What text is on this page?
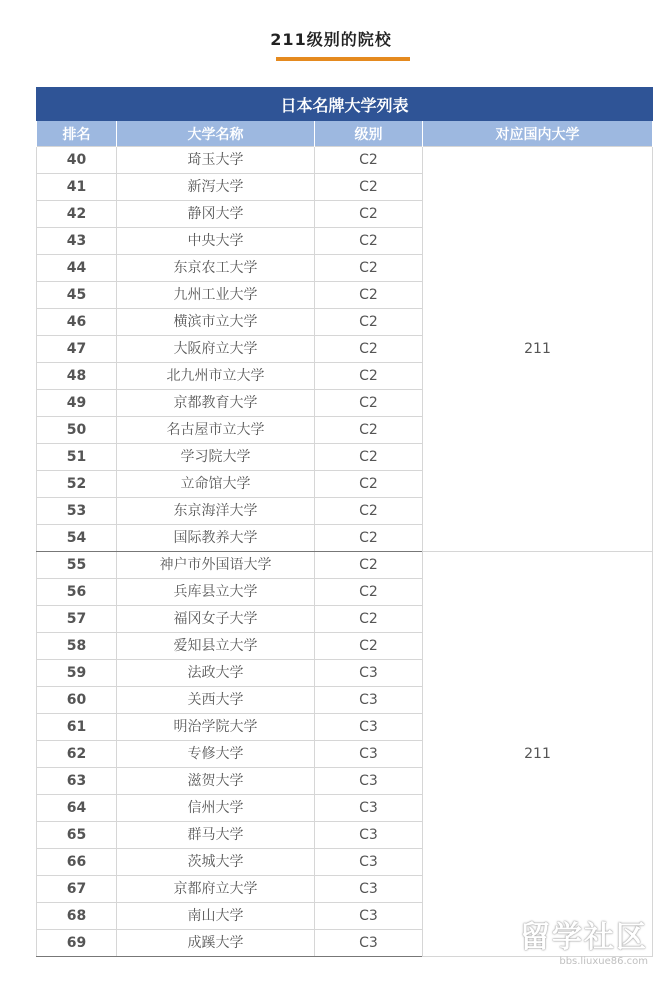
211级别的院校
日本名牌大学列表			
排名	大学名称	级别	对应国内大学
40	琦玉大学	C2	211
41	新泻大学	C2	
42	静冈大学	C2	
43	中央大学	C2	
44	东京农工大学	C2	
45	九州工业大学	C2	
46	横滨市立大学	C2	
47	大阪府立大学	C2	
48	北九州市立大学	C2	
49	京都教育大学	C2	
50	名古屋市立大学	C2	
51	学习院大学	C2	
52	立命馆大学	C2	
53	东京海洋大学	C2	
54	国际教养大学	C2	
55	神户市外国语大学	C2	211
56	兵库县立大学	C2	
57	福冈女子大学	C2	
58	爱知县立大学	C2	
59	法政大学	C3	
60	关西大学	C3	
61	明治学院大学	C3	
62	专修大学	C3	
63	滋贺大学	C3	
64	信州大学	C3	
65	群马大学	C3	
66	茨城大学	C3	
67	京都府立大学	C3	
68	南山大学	C3	
69	成蹊大学	C3		留学社区
bbs.liuxue86.com
